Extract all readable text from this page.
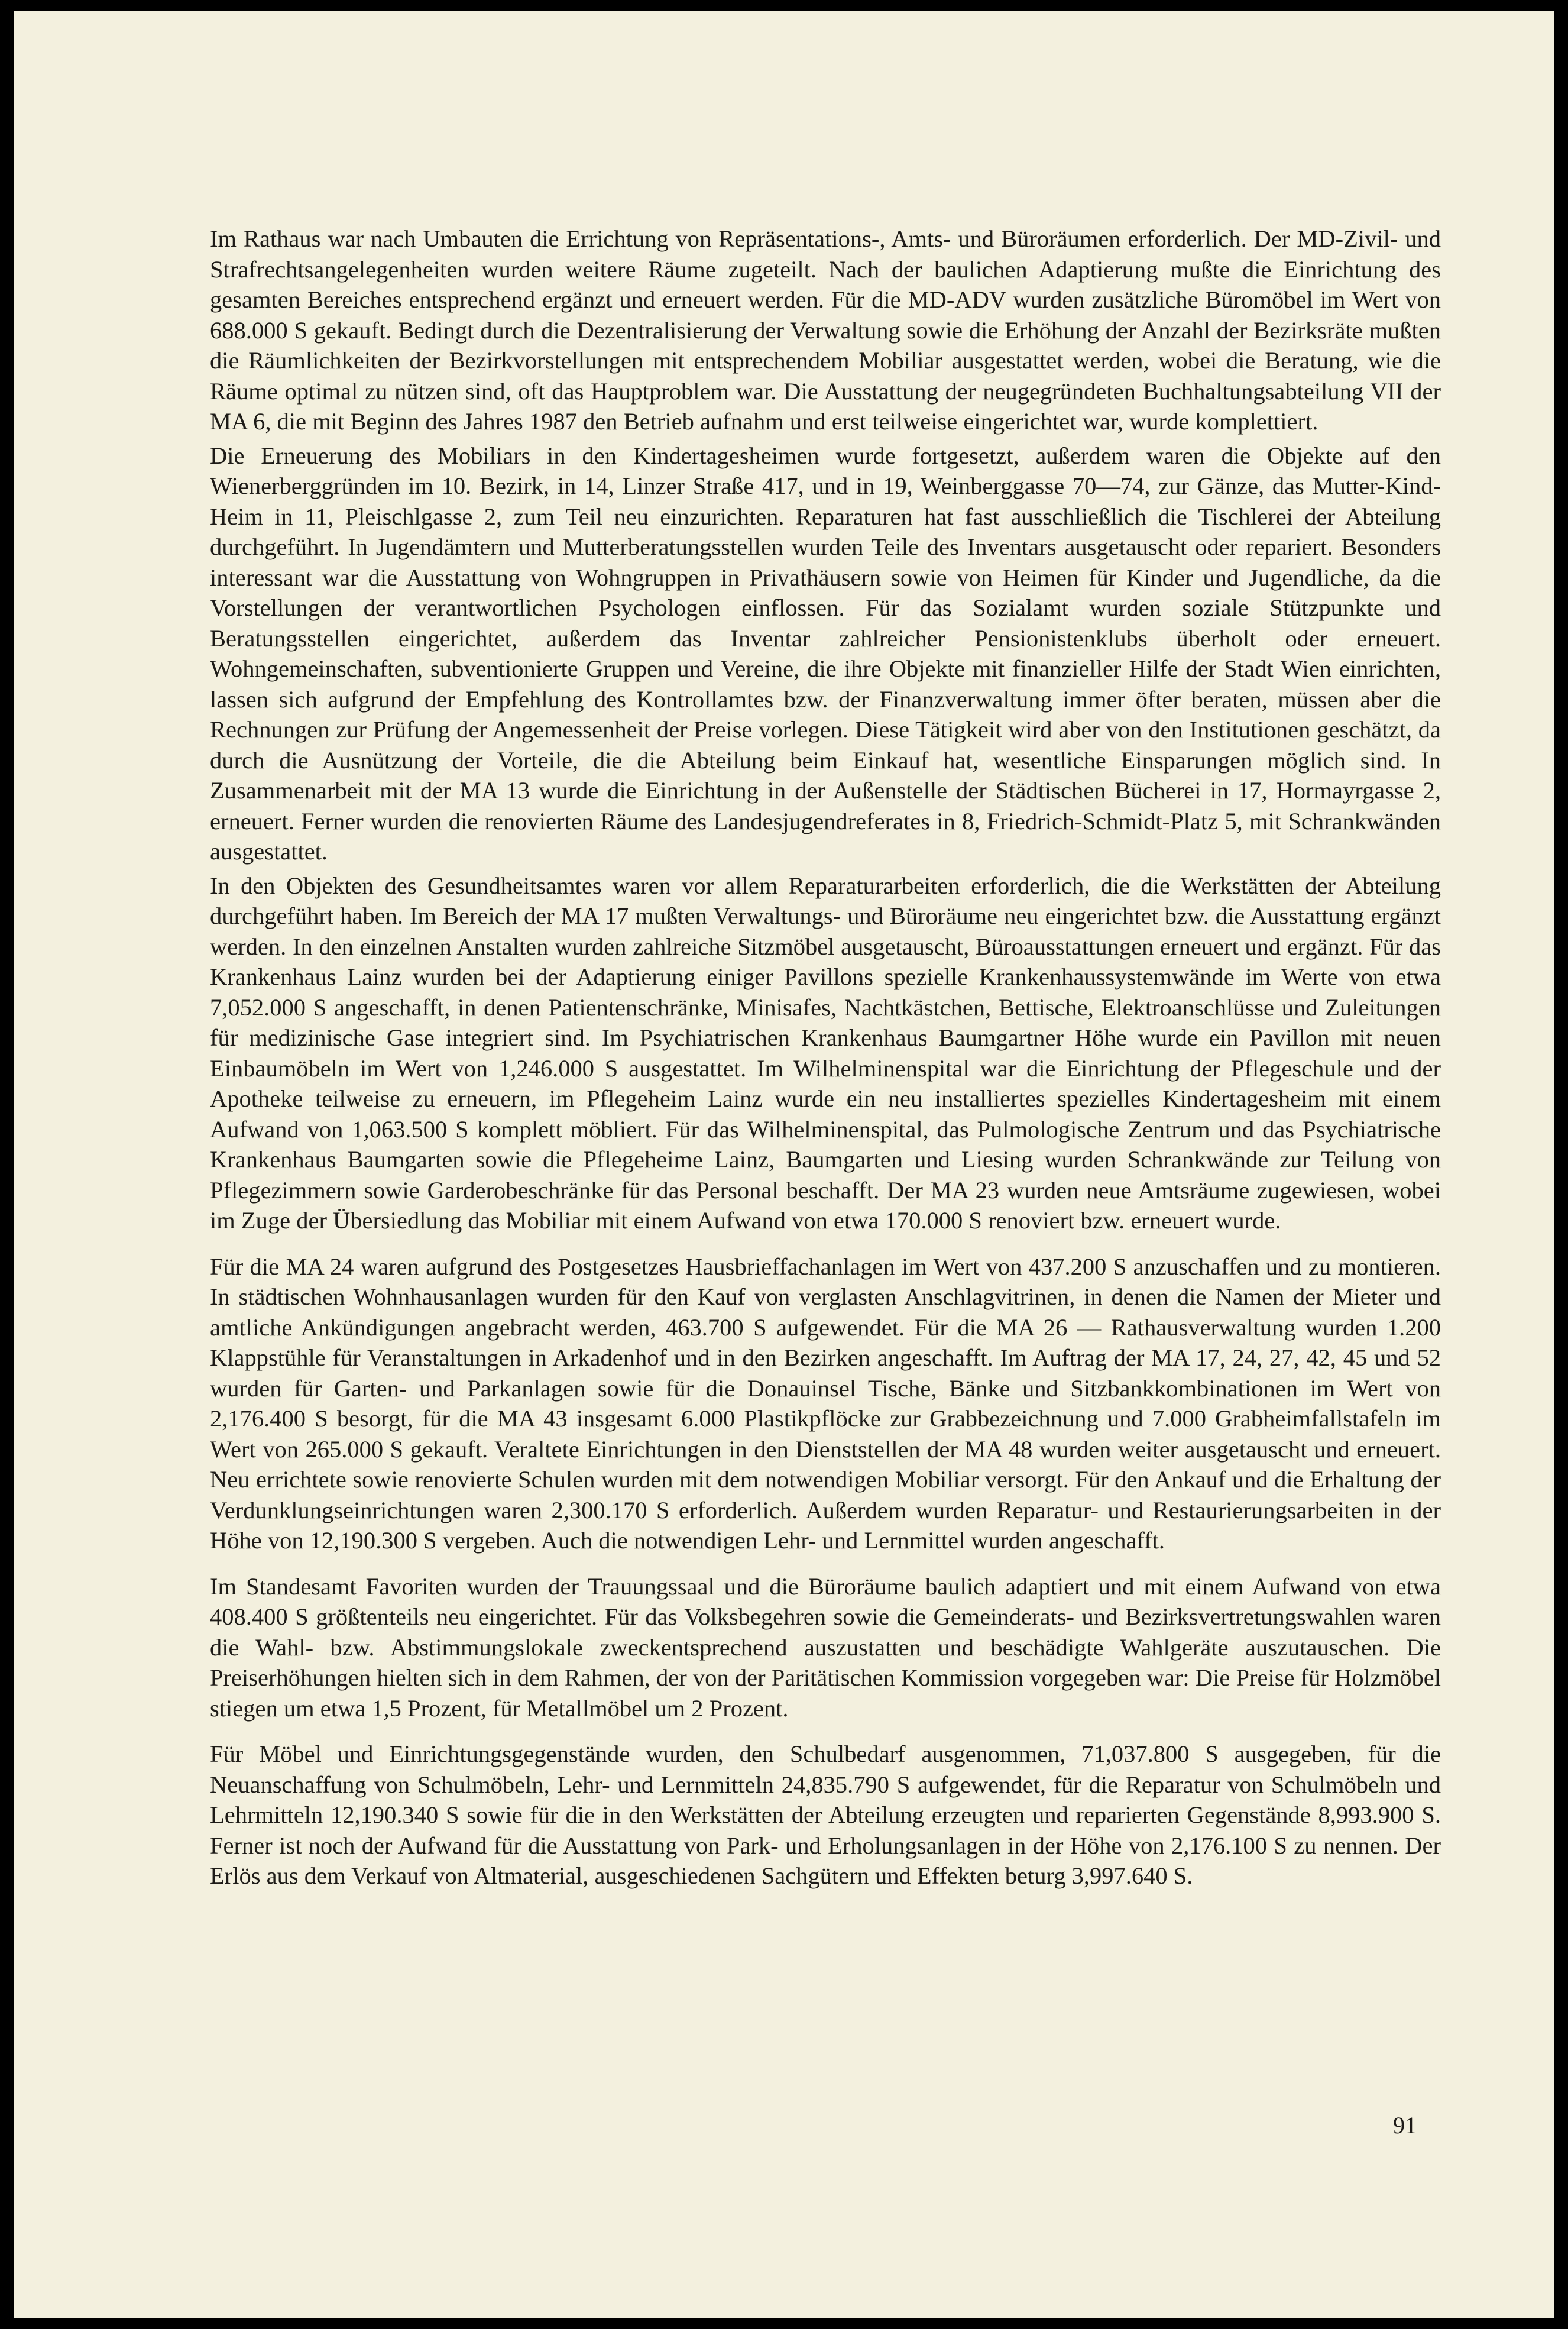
Im Rathaus war nach Umbauten die Errichtung von Repräsentations-, Amts- und Büroräumen erforderlich. Der MD-Zivil- und Strafrechtsangelegenheiten wurden weitere Räume zugeteilt. Nach der baulichen Adaptierung mußte die Einrichtung des gesamten Bereiches entsprechend ergänzt und erneuert werden. Für die MD-ADV wurden zusätzliche Büromöbel im Wert von 688.000 S gekauft. Bedingt durch die Dezentralisierung der Verwaltung sowie die Erhöhung der Anzahl der Bezirksräte mußten die Räumlichkeiten der Bezirkvorstellungen mit entsprechendem Mobiliar ausgestattet werden, wobei die Beratung, wie die Räume optimal zu nützen sind, oft das Hauptproblem war. Die Ausstattung der neugegründeten Buchhaltungsabteilung VII der MA 6, die mit Beginn des Jahres 1987 den Betrieb aufnahm und erst teilweise eingerichtet war, wurde komplettiert.

Die Erneuerung des Mobiliars in den Kindertagesheimen wurde fortgesetzt, außerdem waren die Objekte auf den Wienerberggründen im 10. Bezirk, in 14, Linzer Straße 417, und in 19, Weinberggasse 70—74, zur Gänze, das Mutter-Kind-Heim in 11, Pleischlgasse 2, zum Teil neu einzurichten. Reparaturen hat fast ausschließlich die Tischlerei der Abteilung durchgeführt. In Jugendämtern und Mutterberatungsstellen wurden Teile des Inventars ausgetauscht oder repariert. Besonders interessant war die Ausstattung von Wohngruppen in Privathäusern sowie von Heimen für Kinder und Jugendliche, da die Vorstellungen der verantwortlichen Psychologen einflossen. Für das Sozialamt wurden soziale Stützpunkte und Beratungsstellen eingerichtet, außerdem das Inventar zahlreicher Pensionistenklubs überholt oder erneuert. Wohngemeinschaften, subventionierte Gruppen und Vereine, die ihre Objekte mit finanzieller Hilfe der Stadt Wien einrichten, lassen sich aufgrund der Empfehlung des Kontrollamtes bzw. der Finanzverwaltung immer öfter beraten, müssen aber die Rechnungen zur Prüfung der Angemessenheit der Preise vorlegen. Diese Tätigkeit wird aber von den Institutionen geschätzt, da durch die Ausnützung der Vorteile, die die Abteilung beim Einkauf hat, wesentliche Einsparungen möglich sind. In Zusammenarbeit mit der MA 13 wurde die Einrichtung in der Außenstelle der Städtischen Bücherei in 17, Hormayrgasse 2, erneuert. Ferner wurden die renovierten Räume des Landesjugendreferates in 8, Friedrich-Schmidt-Platz 5, mit Schrankwänden ausgestattet.

In den Objekten des Gesundheitsamtes waren vor allem Reparaturarbeiten erforderlich, die die Werkstätten der Abteilung durchgeführt haben. Im Bereich der MA 17 mußten Verwaltungs- und Büroräume neu eingerichtet bzw. die Ausstattung ergänzt werden. In den einzelnen Anstalten wurden zahlreiche Sitzmöbel ausgetauscht, Büroausstattungen erneuert und ergänzt. Für das Krankenhaus Lainz wurden bei der Adaptierung einiger Pavillons spezielle Krankenhaussystemwände im Werte von etwa 7,052.000 S angeschafft, in denen Patientenschränke, Minisafes, Nachtkästchen, Bettische, Elektroanschlüsse und Zuleitungen für medizinische Gase integriert sind. Im Psychiatrischen Krankenhaus Baumgartner Höhe wurde ein Pavillon mit neuen Einbaumöbeln im Wert von 1,246.000 S ausgestattet. Im Wilhelminenspital war die Einrichtung der Pflegeschule und der Apotheke teilweise zu erneuern, im Pflegeheim Lainz wurde ein neu installiertes spezielles Kindertagesheim mit einem Aufwand von 1,063.500 S komplett möbliert. Für das Wilhelminenspital, das Pulmologische Zentrum und das Psychiatrische Krankenhaus Baumgarten sowie die Pflegeheime Lainz, Baumgarten und Liesing wurden Schrankwände zur Teilung von Pflegezimmern sowie Garderobeschränke für das Personal beschafft. Der MA 23 wurden neue Amtsräume zugewiesen, wobei im Zuge der Übersiedlung das Mobiliar mit einem Aufwand von etwa 170.000 S renoviert bzw. erneuert wurde.

Für die MA 24 waren aufgrund des Postgesetzes Hausbrieffachanlagen im Wert von 437.200 S anzuschaffen und zu montieren. In städtischen Wohnhausanlagen wurden für den Kauf von verglasten Anschlagvitrinen, in denen die Namen der Mieter und amtliche Ankündigungen angebracht werden, 463.700 S aufgewendet. Für die MA 26 — Rathausverwaltung wurden 1.200 Klappstühle für Veranstaltungen in Arkadenhof und in den Bezirken angeschafft. Im Auftrag der MA 17, 24, 27, 42, 45 und 52 wurden für Garten- und Parkanlagen sowie für die Donauinsel Tische, Bänke und Sitzbankkombinationen im Wert von 2,176.400 S besorgt, für die MA 43 insgesamt 6.000 Plastikpflöcke zur Grabbezeichnung und 7.000 Grabheimfallstafeln im Wert von 265.000 S gekauft. Veraltete Einrichtungen in den Dienststellen der MA 48 wurden weiter ausgetauscht und erneuert. Neu errichtete sowie renovierte Schulen wurden mit dem notwendigen Mobiliar versorgt. Für den Ankauf und die Erhaltung der Verdunklungseinrichtungen waren 2,300.170 S erforderlich. Außerdem wurden Reparatur- und Restaurierungsarbeiten in der Höhe von 12,190.300 S vergeben. Auch die notwendigen Lehr- und Lernmittel wurden angeschafft.

Im Standesamt Favoriten wurden der Trauungssaal und die Büroräume baulich adaptiert und mit einem Aufwand von etwa 408.400 S größtenteils neu eingerichtet. Für das Volksbegehren sowie die Gemeinderats- und Bezirksvertretungswahlen waren die Wahl- bzw. Abstimmungslokale zweckentsprechend auszustatten und beschädigte Wahlgeräte auszutauschen. Die Preiserhöhungen hielten sich in dem Rahmen, der von der Paritätischen Kommission vorgegeben war: Die Preise für Holzmöbel stiegen um etwa 1,5 Prozent, für Metallmöbel um 2 Prozent.

Für Möbel und Einrichtungsgegenstände wurden, den Schulbedarf ausgenommen, 71,037.800 S ausgegeben, für die Neuanschaffung von Schulmöbeln, Lehr- und Lernmitteln 24,835.790 S aufgewendet, für die Reparatur von Schulmöbeln und Lehrmitteln 12,190.340 S sowie für die in den Werkstätten der Abteilung erzeugten und reparierten Gegenstände 8,993.900 S. Ferner ist noch der Aufwand für die Ausstattung von Park- und Erholungsanlagen in der Höhe von 2,176.100 S zu nennen. Der Erlös aus dem Verkauf von Altmaterial, ausgeschiedenen Sachgütern und Effekten beturg 3,997.640 S.

91
